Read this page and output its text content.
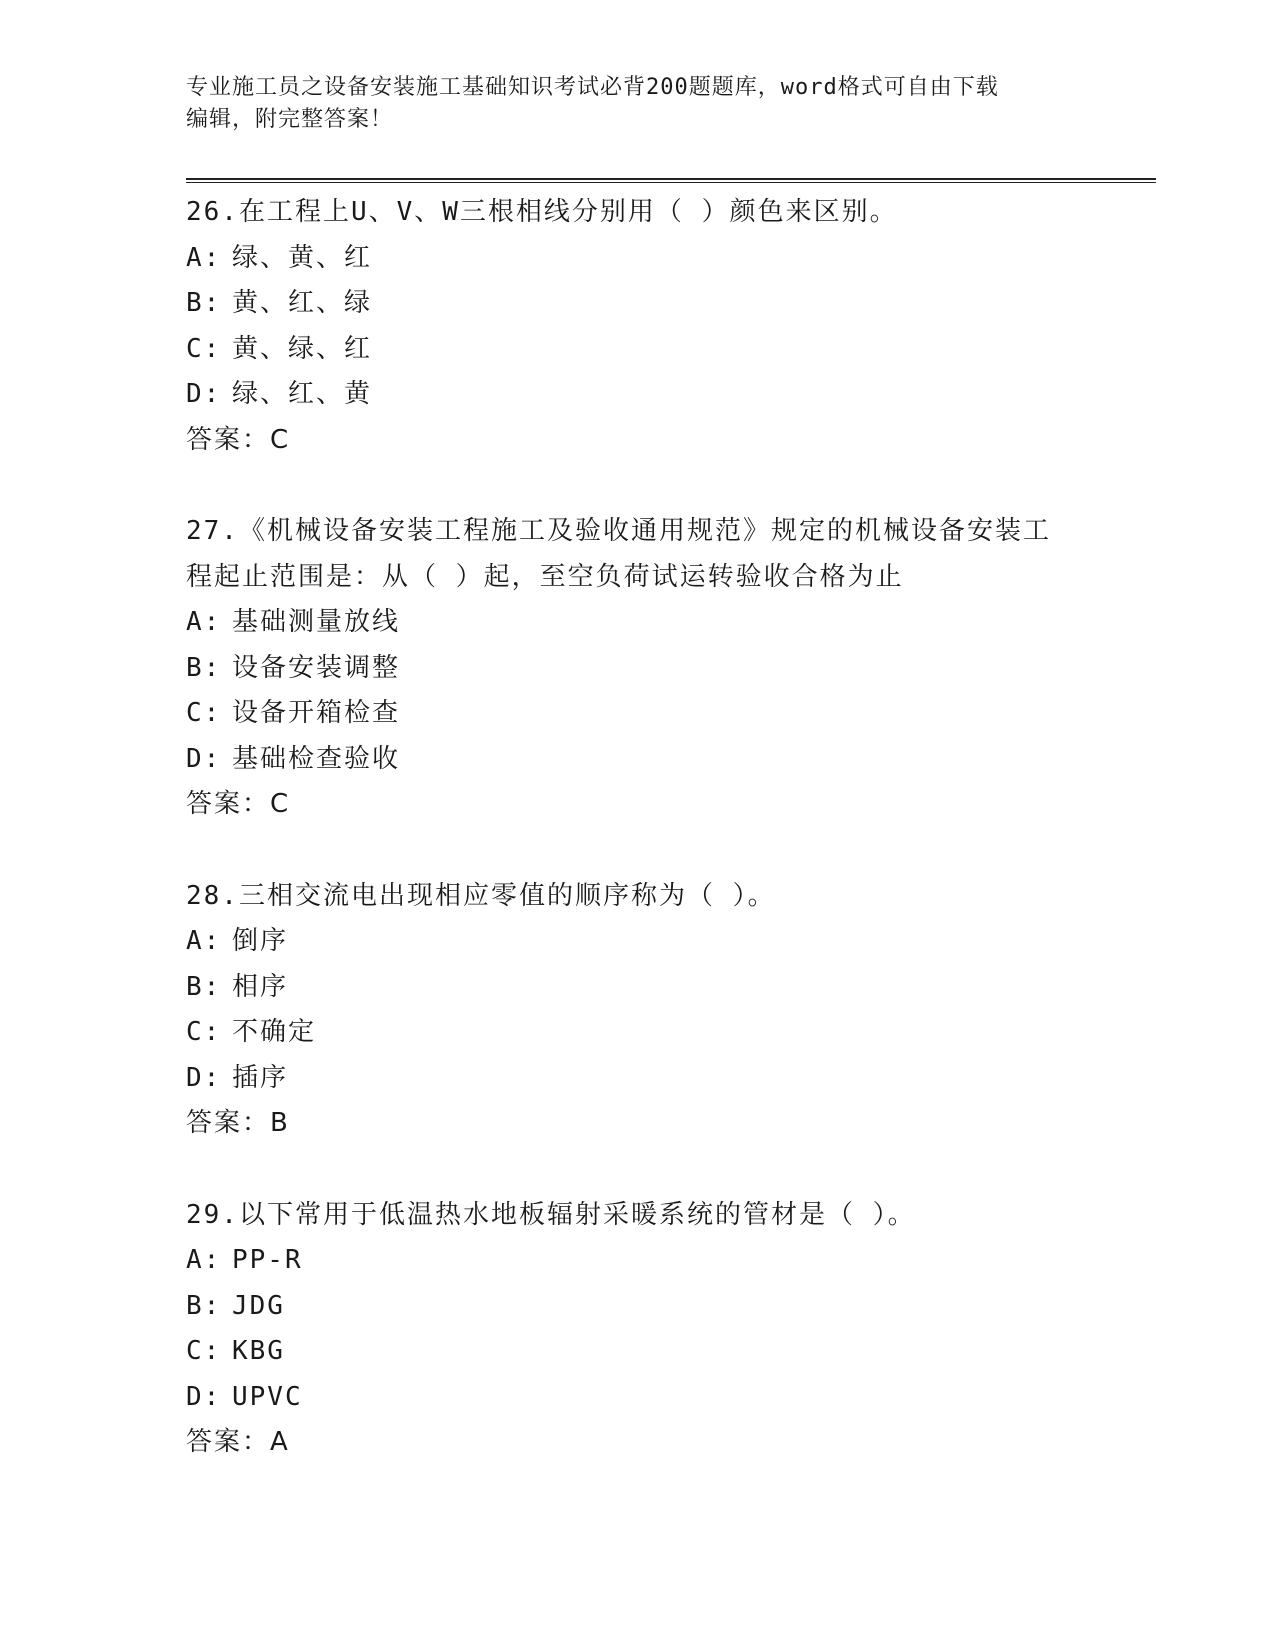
专业施工员之设备安装施工基础知识考试必背200题题库，word格式可自由下载
编辑，附完整答案！
26.在工程上U、V、W三根相线分别用（ ）颜色来区别。
A: 绿、黄、红
B: 黄、红、绿
C: 黄、绿、红
D: 绿、红、黄
答案：C
27.《机械设备安装工程施工及验收通用规范》规定的机械设备安装工程起止范围是：从（ ）起，至空负荷试运转验收合格为止
A: 基础测量放线
B: 设备安装调整
C: 设备开箱检查
D: 基础检查验收
答案：C
28.三相交流电出现相应零值的顺序称为（ ）。
A: 倒序
B: 相序
C: 不确定
D: 插序
答案：B
29.以下常用于低温热水地板辐射采暖系统的管材是（ ）。
A: PP-R
B: JDG
C: KBG
D: UPVC
答案：A
